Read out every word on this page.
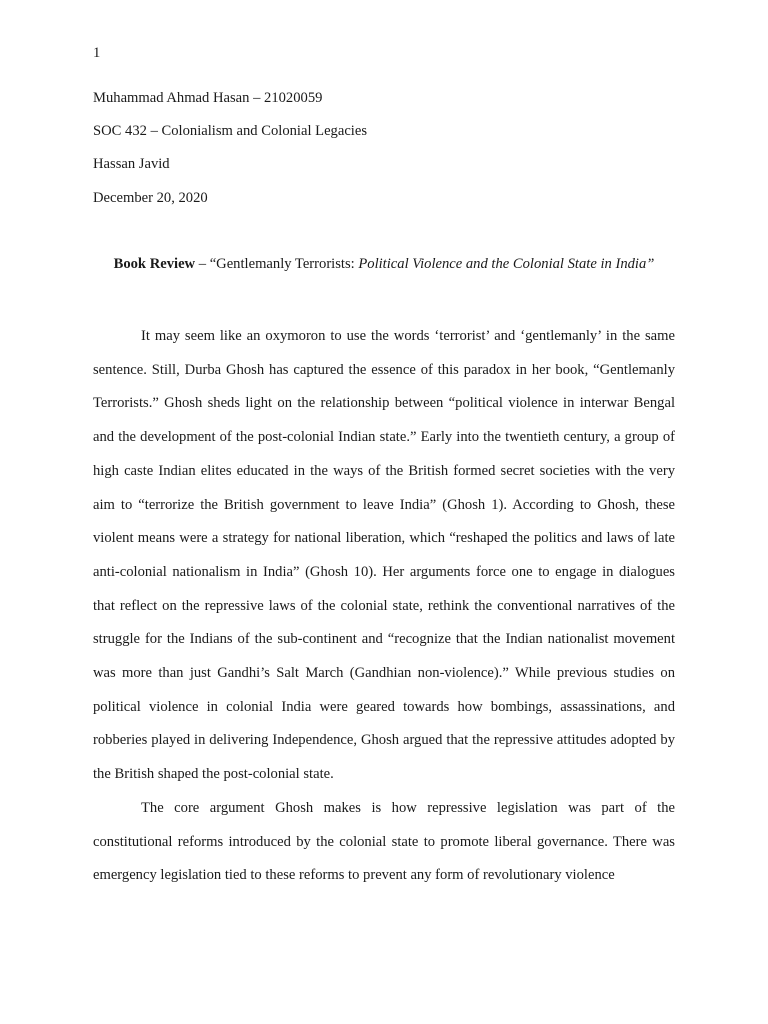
1
Muhammad Ahmad Hasan – 21020059
SOC 432 – Colonialism and Colonial Legacies
Hassan Javid
December 20, 2020
Book Review – “Gentlemanly Terrorists: Political Violence and the Colonial State in India”

It may seem like an oxymoron to use the words ‘terrorist’ and ‘gentlemanly’ in the same sentence. Still, Durba Ghosh has captured the essence of this paradox in her book, “Gentlemanly Terrorists.” Ghosh sheds light on the relationship between “political violence in interwar Bengal and the development of the post-colonial Indian state.” Early into the twentieth century, a group of high caste Indian elites educated in the ways of the British formed secret societies with the very aim to “terrorize the British government to leave India” (Ghosh 1). According to Ghosh, these violent means were a strategy for national liberation, which “reshaped the politics and laws of late anti-colonial nationalism in India” (Ghosh 10). Her arguments force one to engage in dialogues that reflect on the repressive laws of the colonial state, rethink the conventional narratives of the struggle for the Indians of the sub-continent and “recognize that the Indian nationalist movement was more than just Gandhi’s Salt March (Gandhian non-violence).” While previous studies on political violence in colonial India were geared towards how bombings, assassinations, and robberies played in delivering Independence, Ghosh argued that the repressive attitudes adopted by the British shaped the post-colonial state.

The core argument Ghosh makes is how repressive legislation was part of the constitutional reforms introduced by the colonial state to promote liberal governance. There was emergency legislation tied to these reforms to prevent any form of revolutionary violence
